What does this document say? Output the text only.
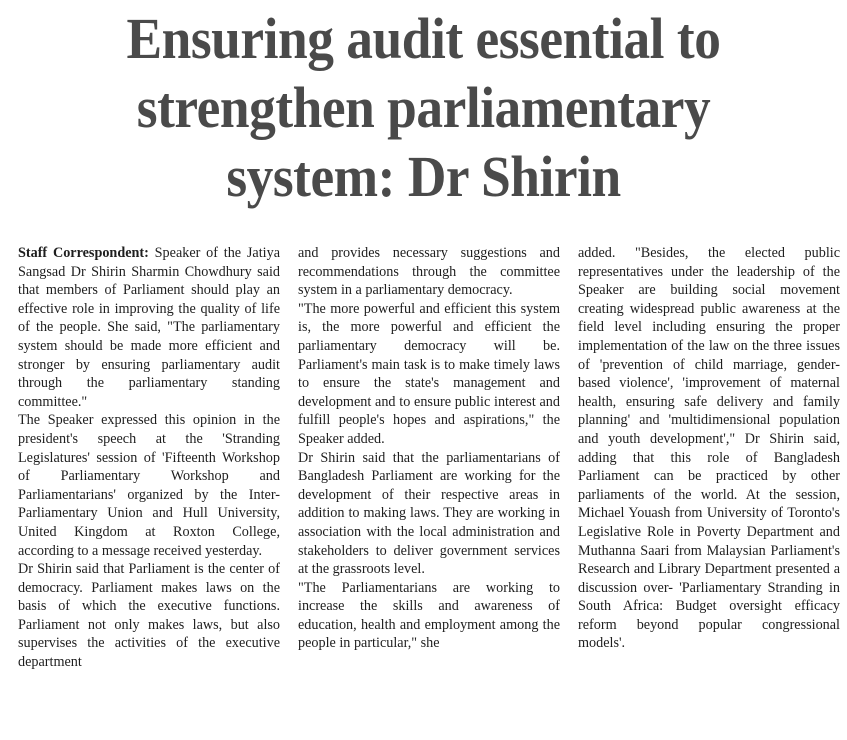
Ensuring audit essential to
strengthen parliamentary
system: Dr Shirin

Staff Correspondent: Speaker of the Jatiya Sangsad Dr Shirin Sharmin Chowdhury said that members of Parliament should play an effective role in improving the quality of life of the people. She said, "The parliamentary system should be made more efficient and stronger by ensuring parliamentary audit through the parliamentary standing committee."

The Speaker expressed this opinion in the president's speech at the 'Stranding Legislatures' session of 'Fifteenth Workshop of Parliamentary Workshop and Parliamentarians' organized by the Inter-Parliamentary Union and Hull University, United Kingdom at Roxton College, according to a message received yesterday.

Dr Shirin said that Parliament is the center of democracy. Parliament makes laws on the basis of which the executive functions. Parliament not only makes laws, but also supervises the activities of the executive department

and provides necessary suggestions and recommendations through the committee system in a parliamentary democracy.

"The more powerful and efficient this system is, the more powerful and efficient the parliamentary democracy will be. Parliament's main task is to make timely laws to ensure the state's management and development and to ensure public interest and fulfill people's hopes and aspirations," the Speaker added.

Dr Shirin said that the parliamentarians of Bangladesh Parliament are working for the development of their respective areas in addition to making laws. They are working in association with the local administration and stakeholders to deliver government services at the grassroots level.

"The Parliamentarians are working to increase the skills and awareness of education, health and employment among the people in particular," she

added. "Besides, the elected public representatives under the leadership of the Speaker are building social movement creating widespread public awareness at the field level including ensuring the proper implementation of the law on the three issues of 'prevention of child marriage, gender-based violence', 'improvement of maternal health, ensuring safe delivery and family planning' and 'multidimensional population and youth development'," Dr Shirin said, adding that this role of Bangladesh Parliament can be practiced by other parliaments of the world. At the session, Michael Youash from University of Toronto's Legislative Role in Poverty Department and Muthanna Saari from Malaysian Parliament's Research and Library Department presented a discussion over- 'Parliamentary Stranding in South Africa: Budget oversight efficacy reform beyond popular congressional models'.
